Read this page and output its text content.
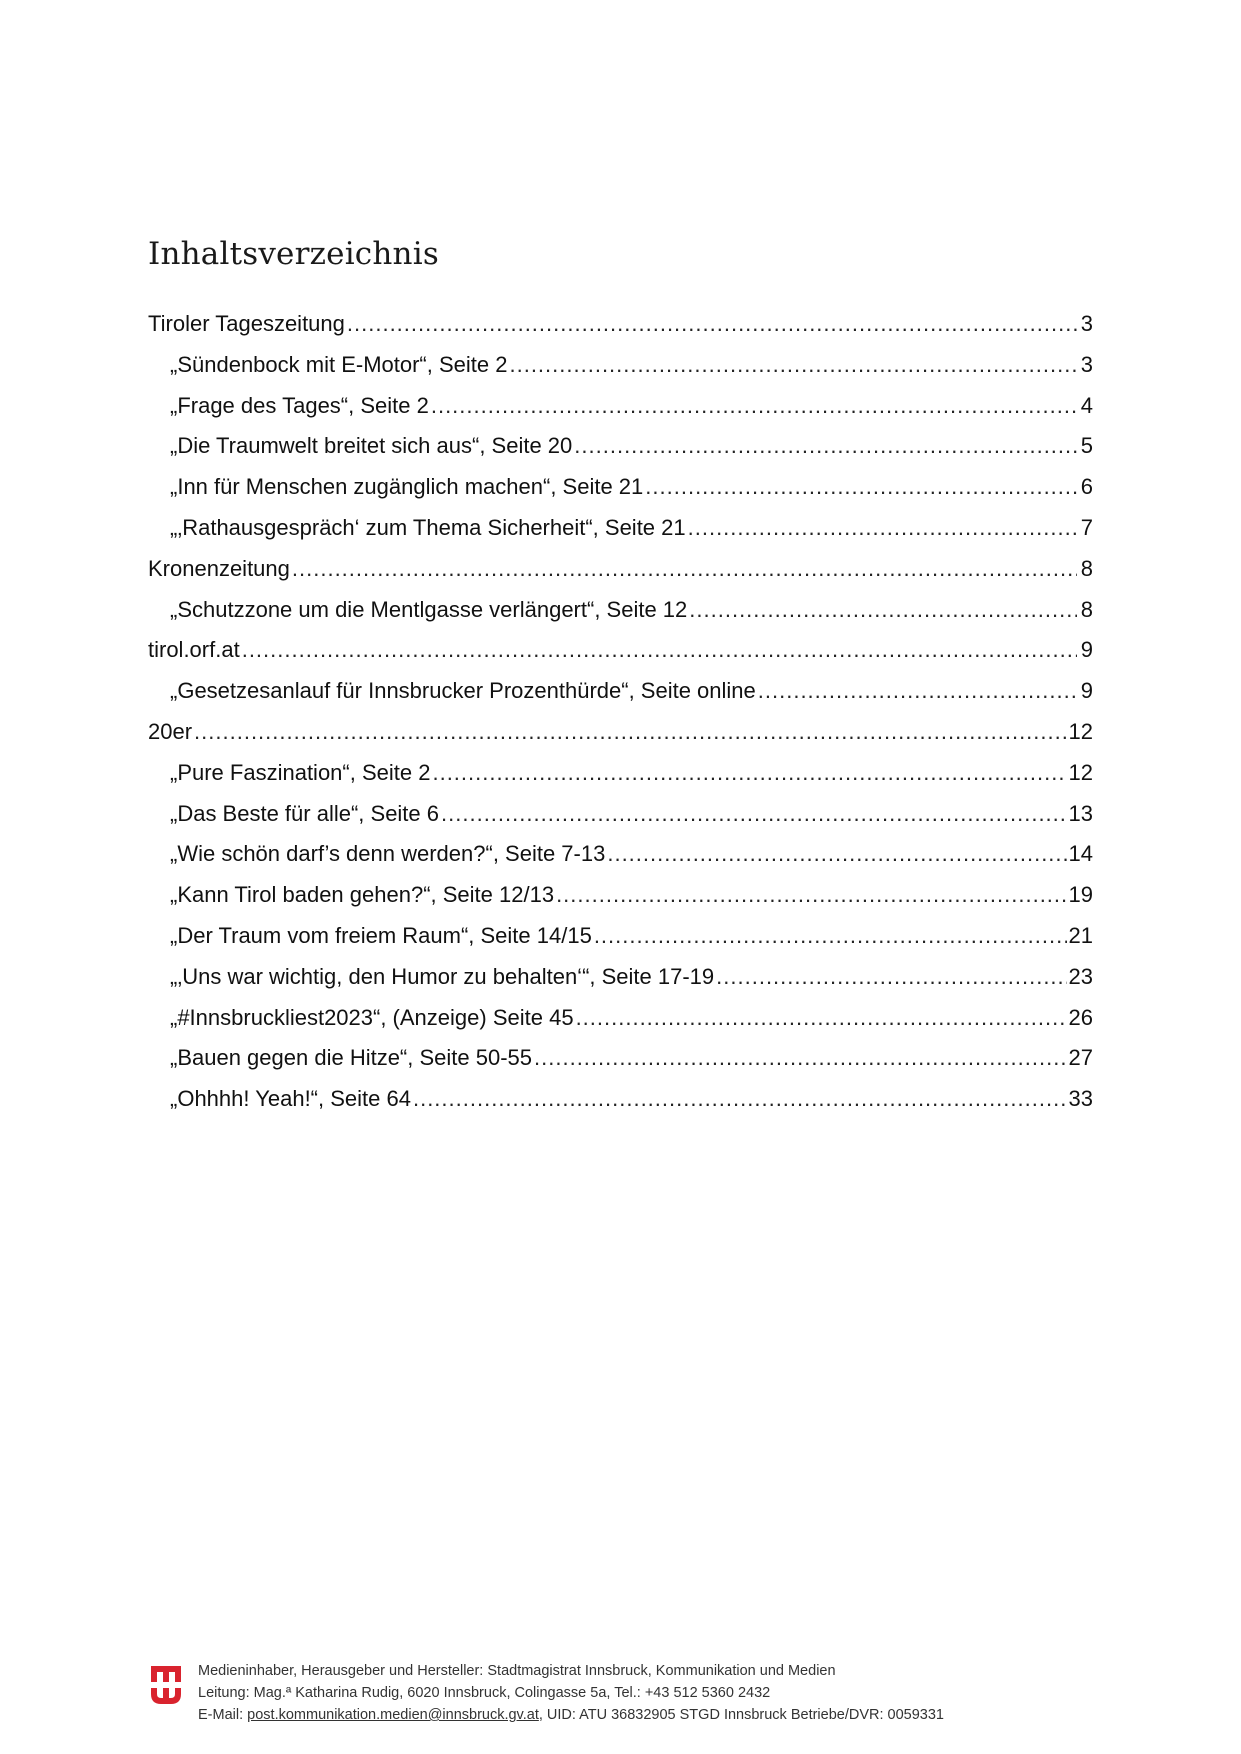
Inhaltsverzeichnis
Tiroler Tageszeitung .....	3
„Sündenbock mit E-Motor“, Seite 2 .....	3
„Frage des Tages“, Seite 2 .....	4
„Die Traumwelt breitet sich aus“, Seite 20 .....	5
„Inn für Menschen zugänglich machen“, Seite 21 .....	6
„‚Rathausgespräch‘ zum Thema Sicherheit“, Seite 21 .....	7
Kronenzeitung .....	8
„Schutzzone um die Mentlgasse verlängert“, Seite 12 .....	8
tirol.orf.at .....	9
„Gesetzesanlauf für Innsbrucker Prozenthürde“, Seite online .....	9
20er .....	12
„Pure Faszination“, Seite 2 .....	12
„Das Beste für alle“, Seite 6 .....	13
„Wie schön darf’s denn werden?“, Seite 7-13 .....	14
„Kann Tirol baden gehen?“, Seite 12/13 .....	19
„Der Traum vom freiem Raum“, Seite 14/15 .....	21
„‚Uns war wichtig, den Humor zu behalten‘“, Seite 17-19 .....	23
„#Innsbruckliest2023“, (Anzeige) Seite 45 .....	26
„Bauen gegen die Hitze“, Seite 50-55 .....	27
„Ohhhh! Yeah!“, Seite 64 .....	33
Medieninhaber, Herausgeber und Hersteller: Stadtmagistrat Innsbruck, Kommunikation und Medien
Leitung: Mag.ª Katharina Rudig, 6020 Innsbruck, Colingasse 5a, Tel.: +43 512 5360 2432
E-Mail: post.kommunikation.medien@innsbruck.gv.at, UID: ATU 36832905 STGD Innsbruck Betriebe/DVR: 0059331
